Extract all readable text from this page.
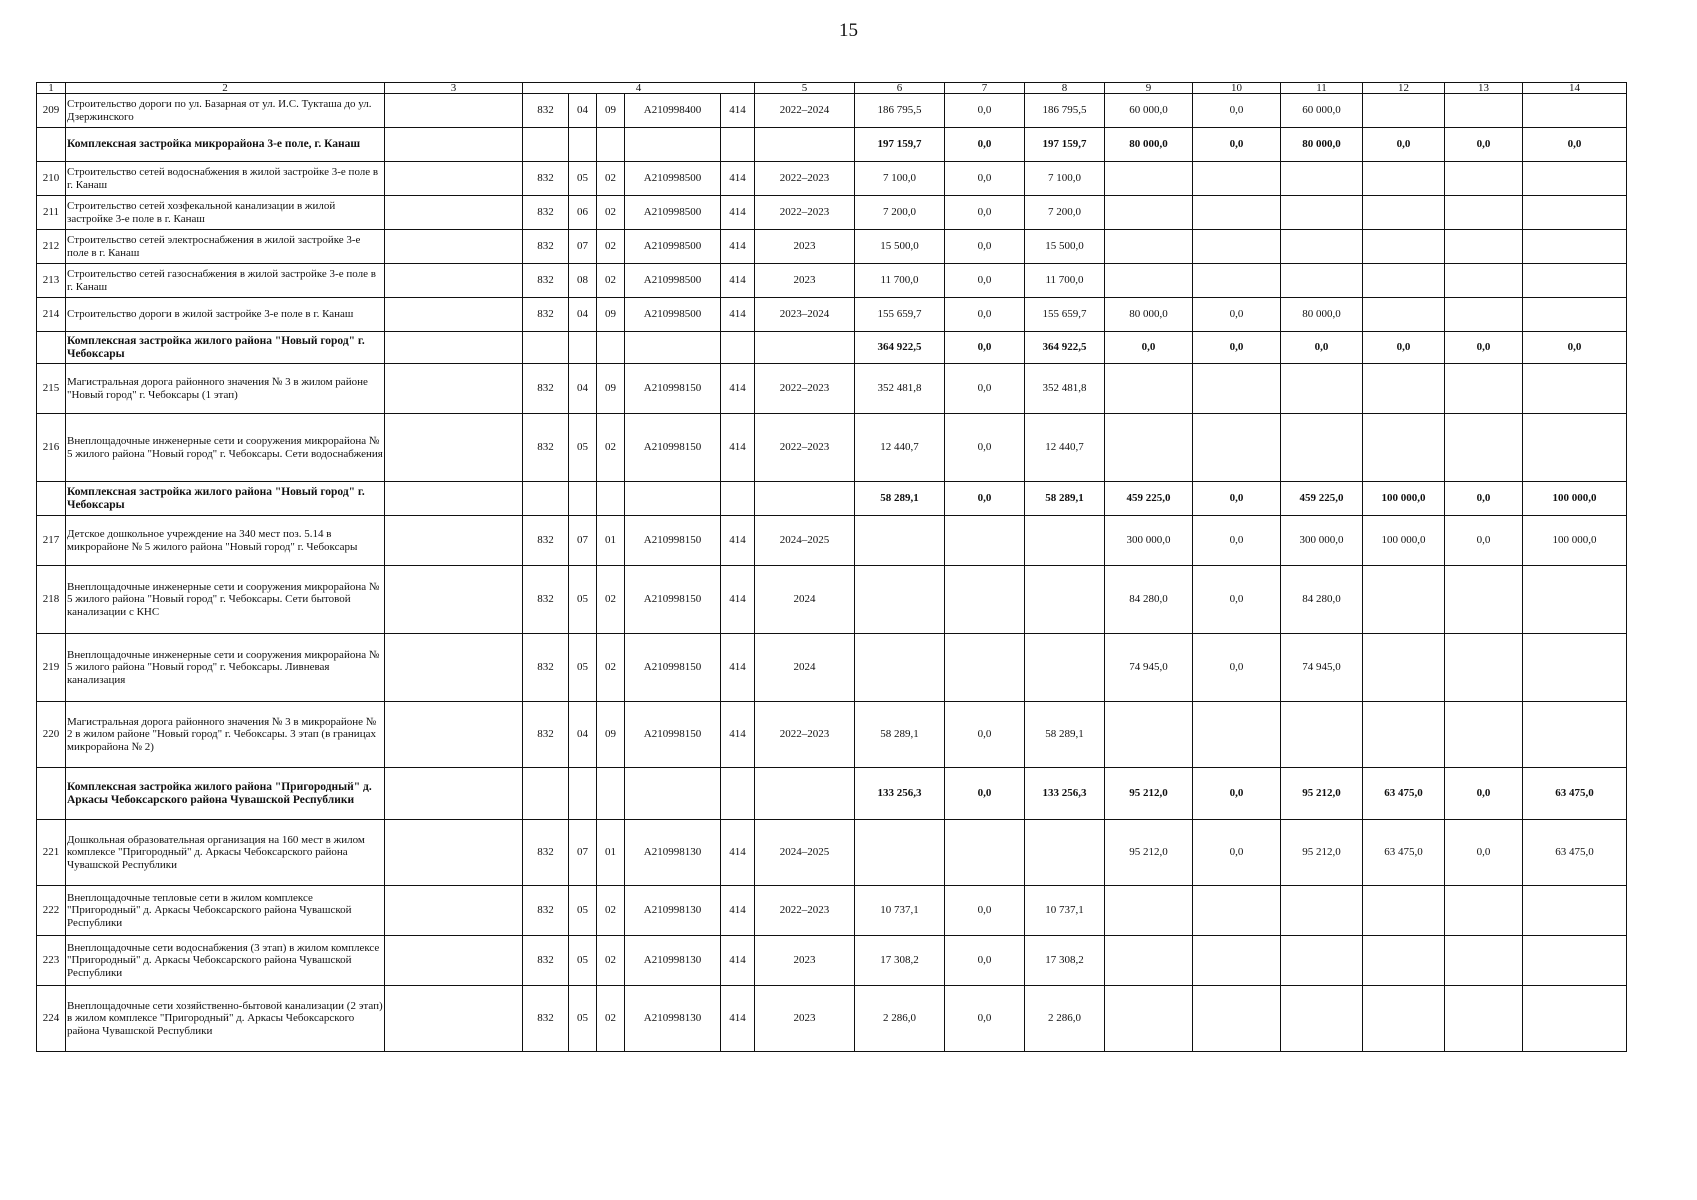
15
1	2	3	4					5	6	7	8	9	10	11	12	13	14
209	Строительство дороги по ул. Базарная от ул. И.С. Тукташа до ул. Дзержинского		832	04	09	А210998400	414	2022–2024	186 795,5	0,0	186 795,5	60 000,0	0,0	60 000,0			
	Комплексная застройка микрорайона 3-е поле, г. Канаш								197 159,7	0,0	197 159,7	80 000,0	0,0	80 000,0	0,0	0,0	0,0
210	Строительство сетей водоснабжения в жилой застройке 3-е поле в г. Канаш		832	05	02	А210998500	414	2022–2023	7 100,0	0,0	7 100,0						
211	Строительство сетей хозфекальной канализации в жилой застройке 3-е поле в г. Канаш		832	06	02	А210998500	414	2022–2023	7 200,0	0,0	7 200,0						
212	Строительство сетей электроснабжения в жилой застройке 3-е поле в г. Канаш		832	07	02	А210998500	414	2023	15 500,0	0,0	15 500,0						
213	Строительство сетей газоснабжения в жилой застройке 3-е поле в г. Канаш		832	08	02	А210998500	414	2023	11 700,0	0,0	11 700,0						
214	Строительство дороги в жилой застройке 3-е поле в г. Канаш		832	04	09	А210998500	414	2023–2024	155 659,7	0,0	155 659,7	80 000,0	0,0	80 000,0			
	Комплексная застройка жилого района "Новый город" г. Чебоксары								364 922,5	0,0	364 922,5	0,0	0,0	0,0	0,0	0,0	0,0
215	Магистральная дорога районного значения № 3 в жилом районе "Новый город" г. Чебоксары (1 этап)		832	04	09	А210998150	414	2022–2023	352 481,8	0,0	352 481,8						
216	Внеплощадочные инженерные сети и сооружения микрорайона № 5 жилого района "Новый город" г. Чебоксары. Сети водоснабжения		832	05	02	А210998150	414	2022–2023	12 440,7	0,0	12 440,7						
	Комплексная застройка жилого района "Новый город" г. Чебоксары								58 289,1	0,0	58 289,1	459 225,0	0,0	459 225,0	100 000,0	0,0	100 000,0
217	Детское дошкольное учреждение на 340 мест поз. 5.14 в микрорайоне № 5 жилого района "Новый город" г. Чебоксары		832	07	01	А210998150	414	2024–2025				300 000,0	0,0	300 000,0	100 000,0	0,0	100 000,0
218	Внеплощадочные инженерные сети и сооружения микрорайона № 5 жилого района "Новый город" г. Чебоксары. Сети бытовой канализации с КНС		832	05	02	А210998150	414	2024				84 280,0	0,0	84 280,0			
219	Внеплощадочные инженерные сети и сооружения микрорайона № 5 жилого района "Новый город" г. Чебоксары. Ливневая канализация		832	05	02	А210998150	414	2024				74 945,0	0,0	74 945,0			
220	Магистральная дорога районного значения № 3 в микрорайоне № 2 в жилом районе "Новый город" г. Чебоксары. 3 этап (в границах микрорайона № 2)		832	04	09	А210998150	414	2022–2023	58 289,1	0,0	58 289,1						
	Комплексная застройка жилого района "Пригородный" д. Аркасы Чебоксарского района Чувашской Республики								133 256,3	0,0	133 256,3	95 212,0	0,0	95 212,0	63 475,0	0,0	63 475,0
221	Дошкольная образовательная организация на 160 мест в жилом комплексе "Пригородный" д. Аркасы Чебоксарского района Чувашской Республики		832	07	01	А210998130	414	2024–2025				95 212,0	0,0	95 212,0	63 475,0	0,0	63 475,0
222	Внеплощадочные тепловые сети в жилом комплексе "Пригородный" д. Аркасы Чебоксарского района Чувашской Республики		832	05	02	А210998130	414	2022–2023	10 737,1	0,0	10 737,1						
223	Внеплощадочные сети водоснабжения (3 этап) в жилом комплексе "Пригородный" д. Аркасы Чебоксарского района Чувашской Республики		832	05	02	А210998130	414	2023	17 308,2	0,0	17 308,2						
224	Внеплощадочные сети хозяйственно-бытовой канализации (2 этап) в жилом комплексе "Пригородный" д. Аркасы Чебоксарского района Чувашской Республики		832	05	02	А210998130	414	2023	2 286,0	0,0	2 286,0						
